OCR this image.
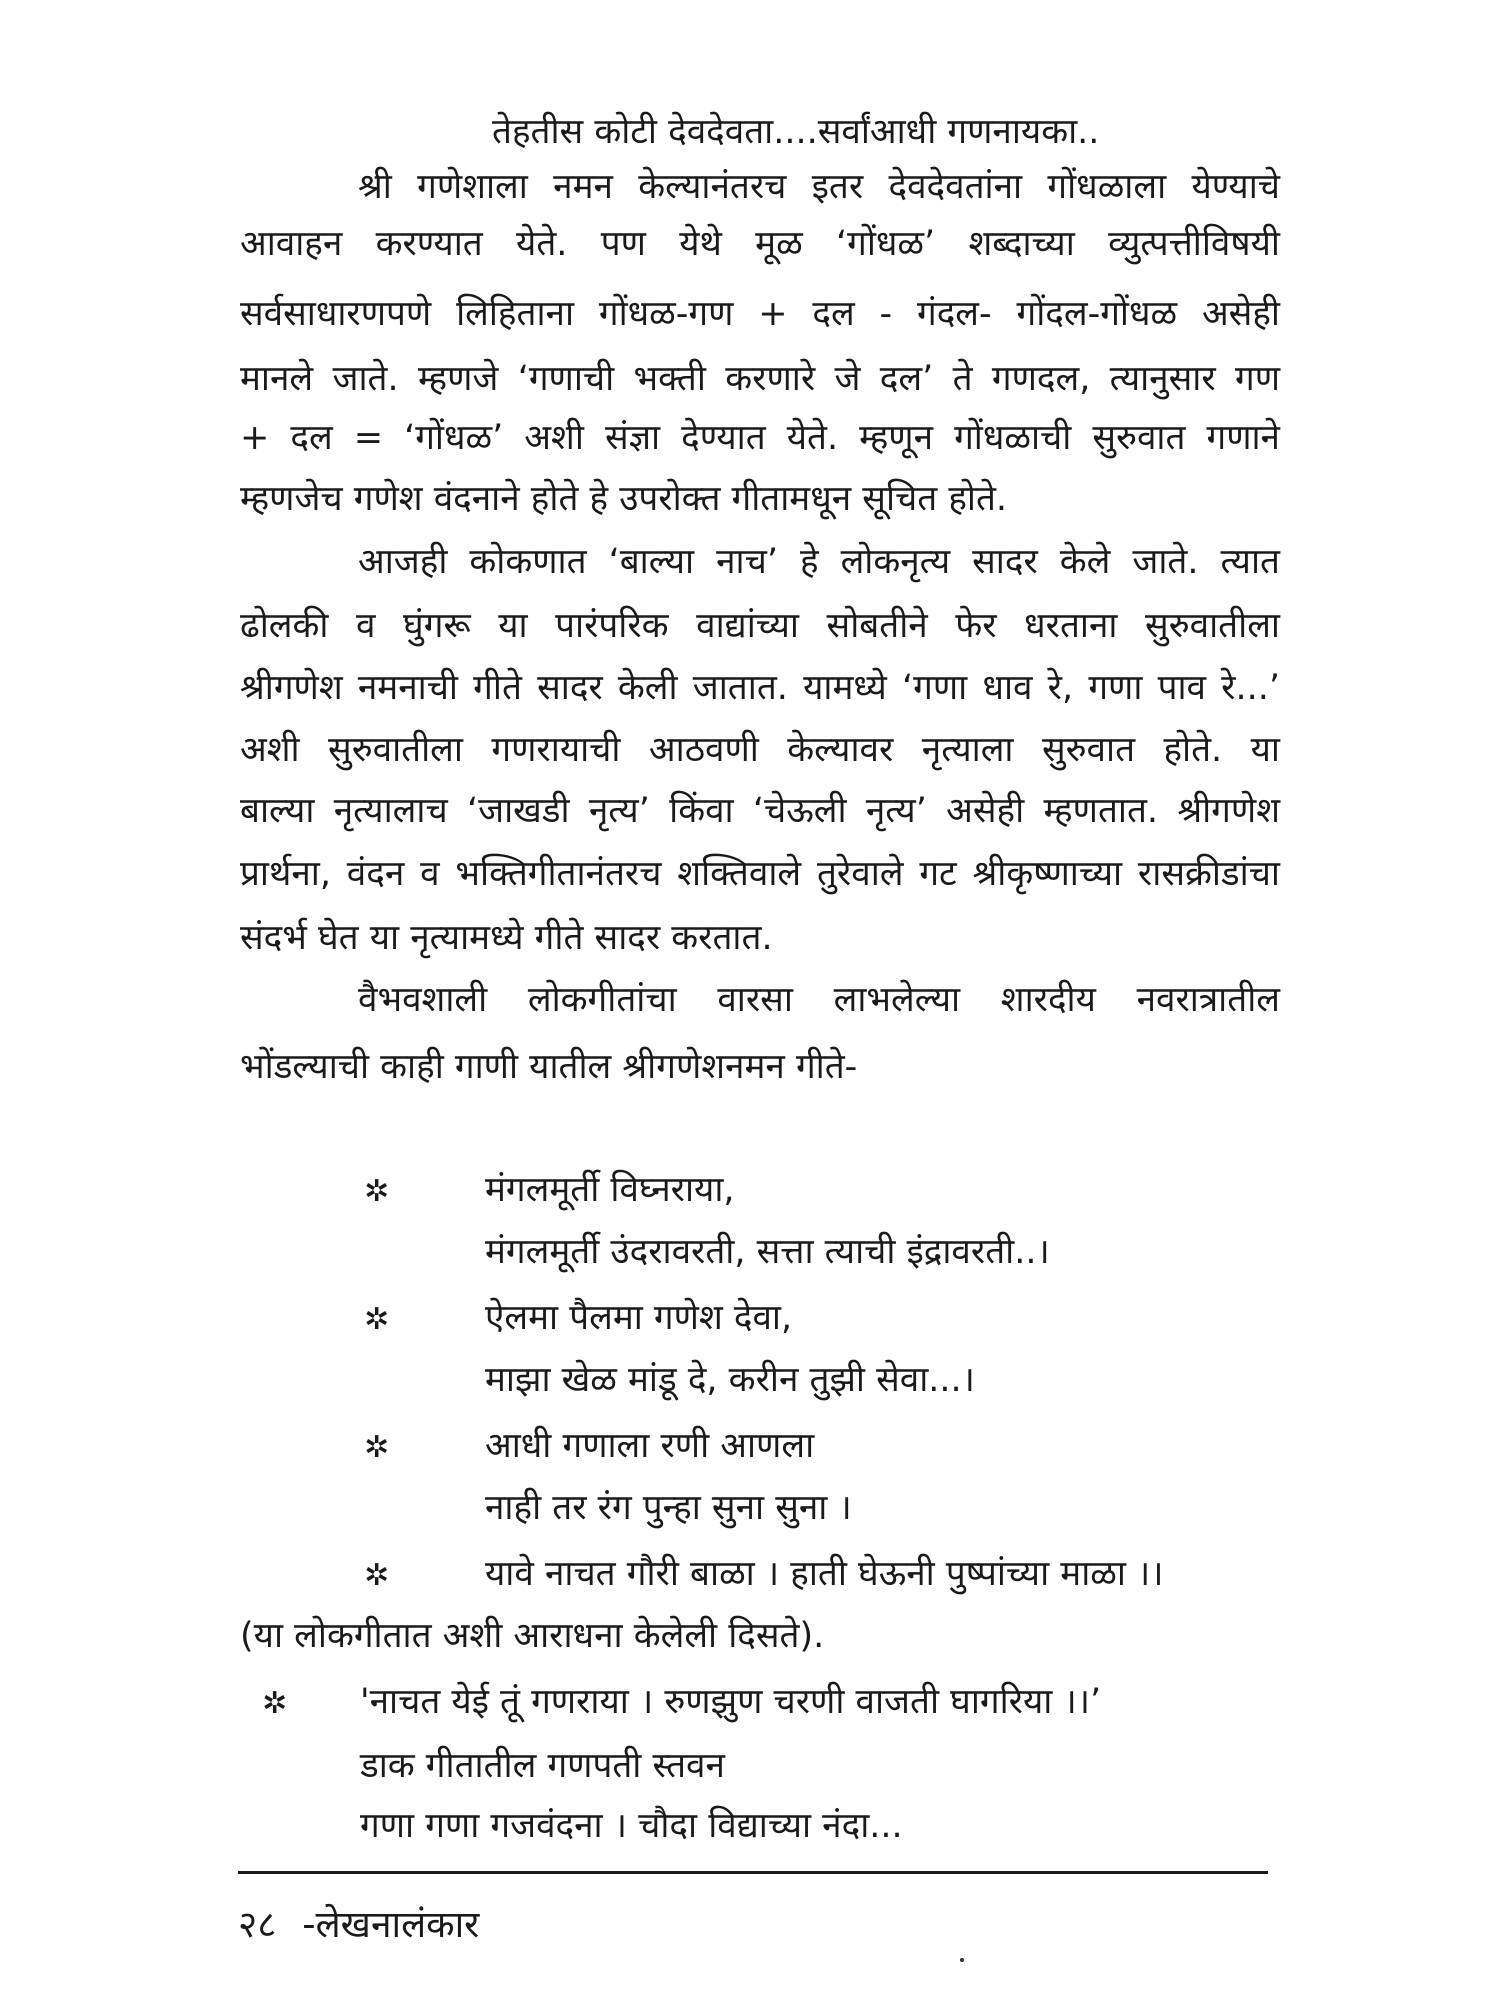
तेहतीस कोटी देवदेवता....सर्वांआधी गणनायका..
श्री गणेशाला नमन केल्यानंतरच इतर देवदेवतांना गोंधळाला येण्याचे
आवाहन करण्यात येते. पण येथे मूळ ‘गोंधळ’ शब्दाच्या व्युत्पत्तीविषयी
सर्वसाधारणपणे लिहिताना गोंधळ-गण + दल - गंदल- गोंदल-गोंधळ असेही
मानले जाते. म्हणजे ‘गणाची भक्ती करणारे जे दल’ ते गणदल, त्यानुसार गण
+ दल = ‘गोंधळ’ अशी संज्ञा देण्यात येते. म्हणून गोंधळाची सुरुवात गणाने
म्हणजेच गणेश वंदनाने होते हे उपरोक्त गीतामधून सूचित होते.
आजही कोकणात ‘बाल्या नाच’ हे लोकनृत्य सादर केले जाते. त्यात
ढोलकी व घुंगरू या पारंपरिक वाद्यांच्या सोबतीने फेर धरताना सुरुवातीला
श्रीगणेश नमनाची गीते सादर केली जातात. यामध्ये ‘गणा धाव रे, गणा पाव रे...’
अशी सुरुवातीला गणरायाची आठवणी केल्यावर नृत्याला सुरुवात होते. या
बाल्या नृत्यालाच ‘जाखडी नृत्य’ किंवा ‘चेऊली नृत्य’ असेही म्हणतात. श्रीगणेश
प्रार्थना, वंदन व भक्तिगीतानंतरच शक्तिवाले तुरेवाले गट श्रीकृष्णाच्या रासक्रीडांचा
संदर्भ घेत या नृत्यामध्ये गीते सादर करतात.
वैभवशाली लोकगीतांचा वारसा लाभलेल्या शारदीय नवरात्रातील
भोंडल्याची काही गाणी यातील श्रीगणेशनमन गीते-
✲	मंगलमूर्ती विघ्नराया,
मंगलमूर्ती उंदरावरती, सत्ता त्याची इंद्रावरती..।
✲	ऐलमा पैलमा गणेश देवा,
माझा खेळ मांडू दे, करीन तुझी सेवा...।
✲	आधी गणाला रणी आणला
नाही तर रंग पुन्हा सुना सुना ।
✲	यावे नाचत गौरी बाळा । हाती घेऊनी पुष्पांच्या माळा ।।
(या लोकगीतात अशी आराधना केलेली दिसते).
✲ 'नाचत येई तूं गणराया । रुणझुण चरणी वाजती घागरिया ।।’
डाक गीतातील गणपती स्तवन
गणा गणा गजवंदना । चौदा विद्याच्या नंदा...
२८ -लेखनालंकार
